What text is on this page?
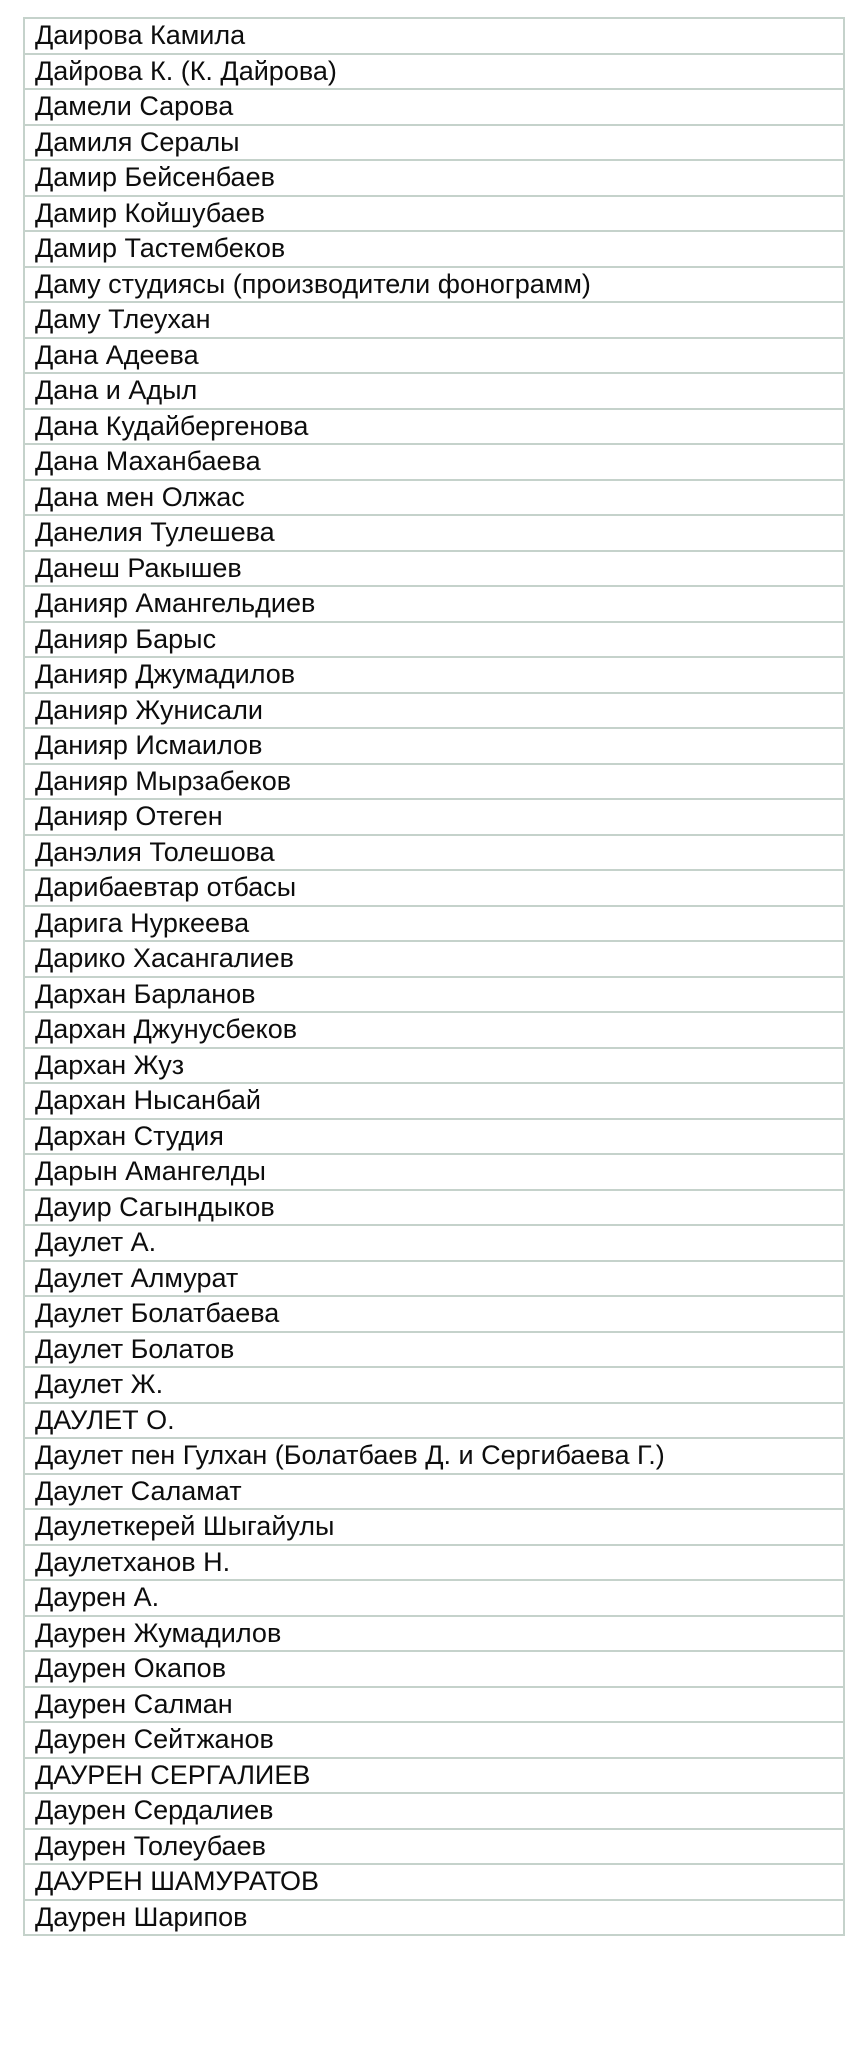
Даирова Камила
Дайрова К. (К. Дайрова)
Дамели Сарова
Дамиля Сералы
Дамир Бейсенбаев
Дамир Койшубаев
Дамир Тастембеков
Даму студиясы (производители фонограмм)
Даму Тлеухан
Дана Адеева
Дана и Адыл
Дана Кудайбергенова
Дана Маханбаева
Дана мен Олжас
Данелия Тулешева
Данеш Ракышев
Данияр Амангельдиев
Данияр Барыс
Данияр Джумадилов
Данияр Жунисали
Данияр Исмаилов
Данияр Мырзабеков
Данияр Отеген
Данэлия Толешова
Дарибаевтар отбасы
Дарига Нуркеева
Дарико Хасангалиев
Дархан Барланов
Дархан Джунусбеков
Дархан Жуз
Дархан Нысанбай
Дархан Студия
Дарын Амангелды
Дауир Сагындыков
Даулет А.
Даулет Алмурат
Даулет Болатбаева
Даулет Болатов
Даулет Ж.
ДАУЛЕТ О.
Даулет пен Гулхан (Болатбаев Д. и Сергибаева Г.)
Даулет Саламат
Даулеткерей Шыгайулы
Даулетханов Н.
Даурен А.
Даурен Жумадилов
Даурен Окапов
Даурен Салман
Даурен Сейтжанов
ДАУРЕН СЕРГАЛИЕВ
Даурен Сердалиев
Даурен Толеубаев
ДАУРЕН ШАМУРАТОВ
Даурен Шарипов
